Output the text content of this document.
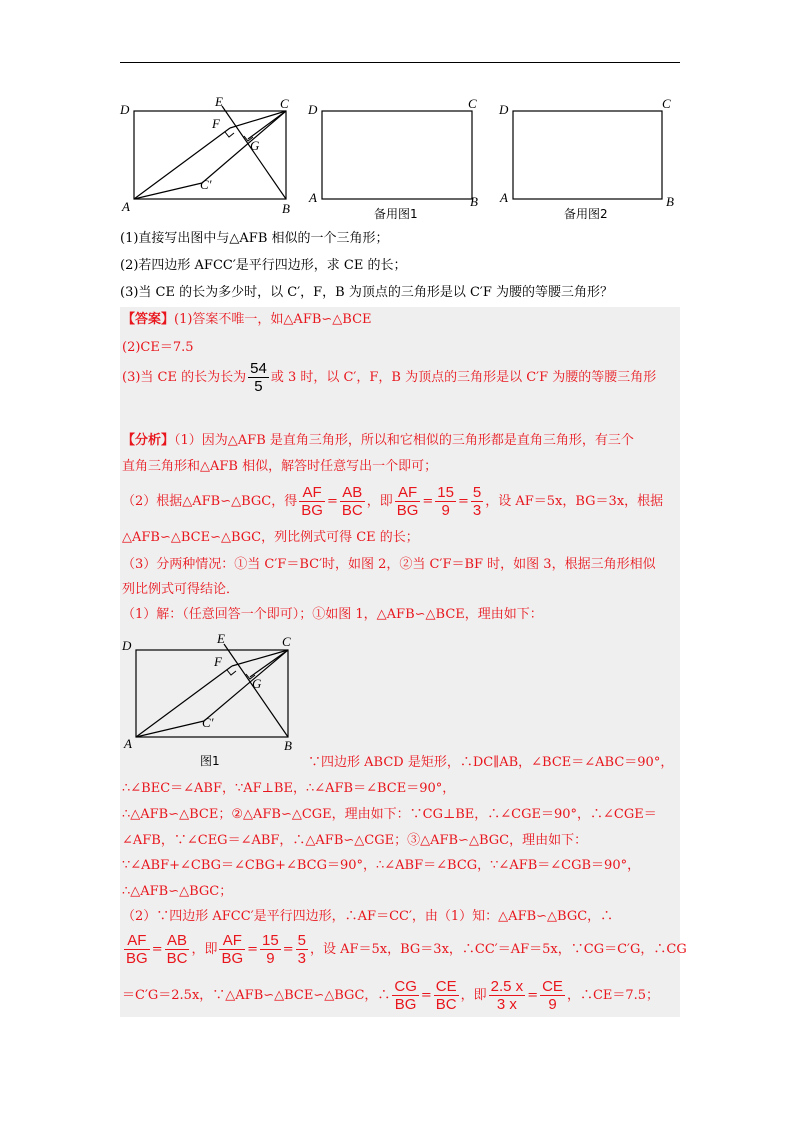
D
E	C
F
G
C′
A	B
D	C
A	B
备用图1
D	C
A	B
备用图2
(1)直接写出图中与△AFB 相似的一个三角形；
(2)若四边形 AFCC′是平行四边形，求 CE 的长；
(3)当 CE 的长为多少时，以 C′，F，B 为顶点的三角形是以 C′F 为腰的等腰三角形？
【答案】(1)答案不唯一，如△AFB∽△BCE
(2)CE＝7.5
(3)当 CE 的长为长为 $\frac{54}{5}$ 或 3 时，以 C′，F，B 为顶点的三角形是以 C′F 为腰的等腰三角形
【分析】（1）因为△AFB 是直角三角形，所以和它相似的三角形都是直角三角形，有三个
直角三角形和△AFB 相似，解答时任意写出一个即可；
（2）根据△AFB∽△BGC，得 $\frac{AF}{BG} = \frac{AB}{BC}$ ，即 $\frac{AF}{BG} = \frac{15}{9} = \frac{5}{3}$ ，设 AF＝5x，BG＝3x，根据
△AFB∽△BCE∽△BGC，列比例式可得 CE 的长；
（3）分两种情况：①当 C′F＝BC′时，如图 2，②当 C′F＝BF 时，如图 3，根据三角形相似
列比例式可得结论．
（1）解：（任意回答一个即可）；①如图 1，△AFB∽△BCE，理由如下：
D	E	C
F
G
C′
A	B
图1	∵四边形 ABCD 是矩形，∴DC∥AB，∠BCE＝∠ABC＝90°，
∴∠BEC＝∠ABF，∵AF⊥BE，∴∠AFB＝∠BCE＝90°，
∴△AFB∽△BCE；②△AFB∽△CGE，理由如下：∵CG⊥BE，∴∠CGE＝90°，∴∠CGE＝
∠AFB，∵∠CEG＝∠ABF，∴△AFB∽△CGE；③△AFB∽△BGC，理由如下：
∵∠ABF+∠CBG＝∠CBG+∠BCG＝90°，∴∠ABF＝∠BCG，∵∠AFB＝∠CGB＝90°，
∴△AFB∽△BGC；
（2）∵四边形 AFCC′是平行四边形，∴AF＝CC′，由（1）知：△AFB∽△BGC，∴
$\frac{AF}{BG} = \frac{AB}{BC}$ ，即 $\frac{AF}{BG} = \frac{15}{9} = \frac{5}{3}$ ，设 AF＝5x，BG＝3x，∴CC′＝AF＝5x，∵CG＝C′G，∴CG
＝C′G＝2.5x，∵△AFB∽△BCE∽△BGC，∴ $\frac{CG}{BG} = \frac{CE}{BC}$ ，即 $\frac{2.5 x}{3 x} = \frac{CE}{9}$ ，∴CE＝7.5；
